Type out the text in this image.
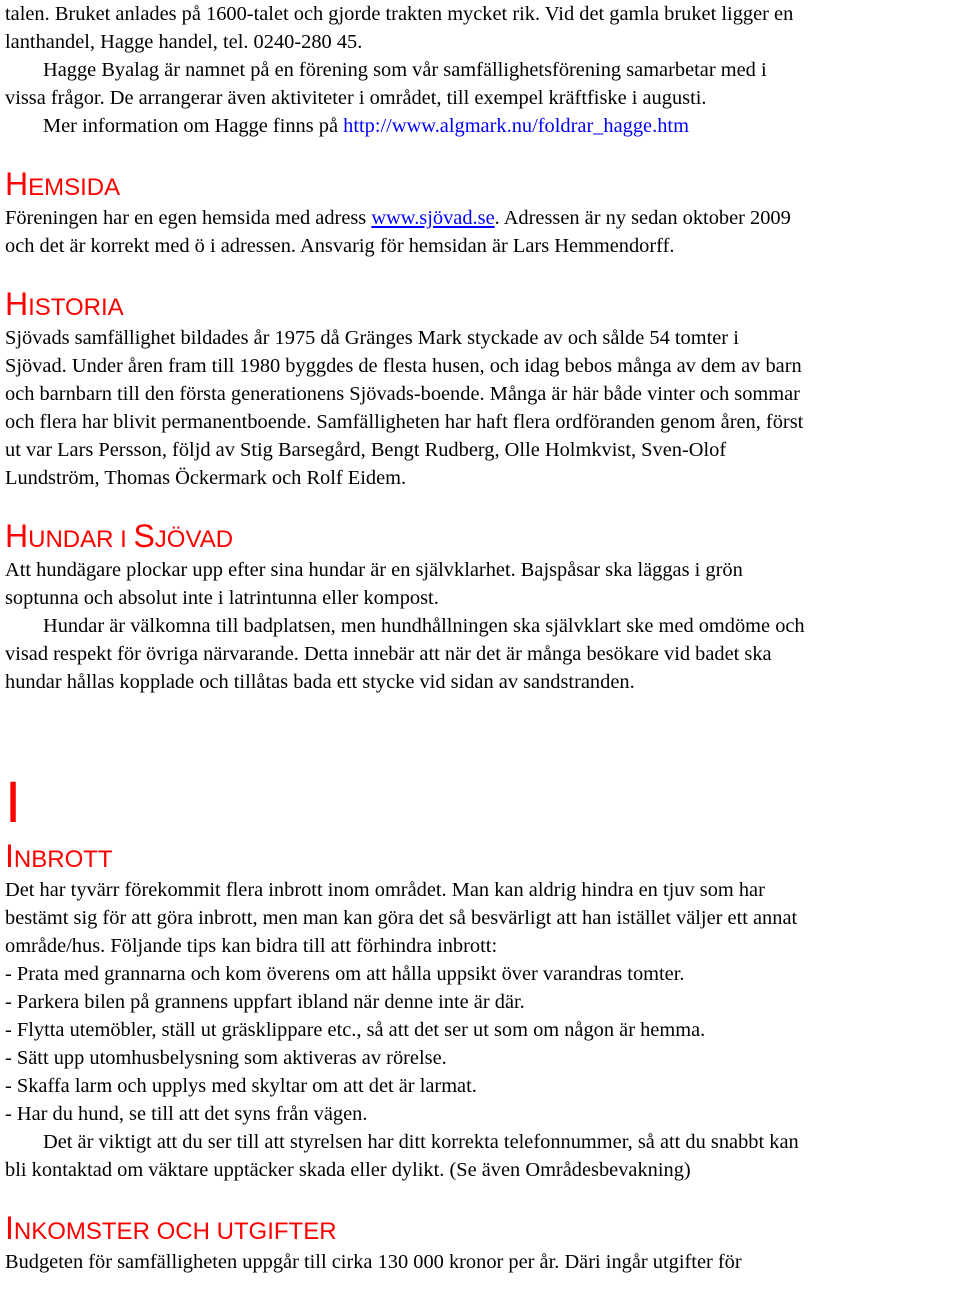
talen. Bruket anlades på 1600-talet och gjorde trakten mycket rik. Vid det gamla bruket ligger en

lanthandel, Hagge handel, tel. 0240-280 45.

Hagge Byalag är namnet på en förening som vår samfällighetsförening samarbetar med i

vissa frågor. De arrangerar även aktiviteter i området, till exempel kräftfiske i augusti.

Mer information om Hagge finns på http://www.algmark.nu/foldrar_hagge.htm

HEMSIDA

Föreningen har en egen hemsida med adress www.sjövad.se. Adressen är ny sedan oktober 2009

och det är korrekt med ö i adressen. Ansvarig för hemsidan är Lars Hemmendorff.

HISTORIA

Sjövads samfällighet bildades år 1975 då Gränges Mark styckade av och sålde 54 tomter i

Sjövad. Under åren fram till 1980 byggdes de flesta husen, och idag bebos många av dem av barn

och barnbarn till den första generationens Sjövads-boende. Många är här både vinter och sommar

och flera har blivit permanentboende. Samfälligheten har haft flera ordföranden genom åren, först

ut var Lars Persson, följd av Stig Barsegård, Bengt Rudberg, Olle Holmkvist, Sven-Olof

Lundström, Thomas Öckermark och Rolf Eidem.

HUNDAR I SJÖVAD

Att hundägare plockar upp efter sina hundar är en självklarhet. Bajspåsar ska läggas i grön

soptunna och absolut inte i latrintunna eller kompost.

Hundar är välkomna till badplatsen, men hundhållningen ska självklart ske med omdöme och

visad respekt för övriga närvarande. Detta innebär att när det är många besökare vid badet ska

hundar hållas kopplade och tillåtas bada ett stycke vid sidan av sandstranden.

I
INBROTT

Det har tyvärr förekommit flera inbrott inom området. Man kan aldrig hindra en tjuv som har

bestämt sig för att göra inbrott, men man kan göra det så besvärligt att han istället väljer ett annat

område/hus. Följande tips kan bidra till att förhindra inbrott:

- Prata med grannarna och kom överens om att hålla uppsikt över varandras tomter.

- Parkera bilen på grannens uppfart ibland när denne inte är där.

- Flytta utemöbler, ställ ut gräsklippare etc., så att det ser ut som om någon är hemma.

- Sätt upp utomhusbelysning som aktiveras av rörelse.

- Skaffa larm och upplys med skyltar om att det är larmat.

- Har du hund, se till att det syns från vägen.

Det är viktigt att du ser till att styrelsen har ditt korrekta telefonnummer, så att du snabbt kan

bli kontaktad om väktare upptäcker skada eller dylikt. (Se även Områdesbevakning)

INKOMSTER OCH UTGIFTER

Budgeten för samfälligheten uppgår till cirka 130 000 kronor per år. Däri ingår utgifter för
